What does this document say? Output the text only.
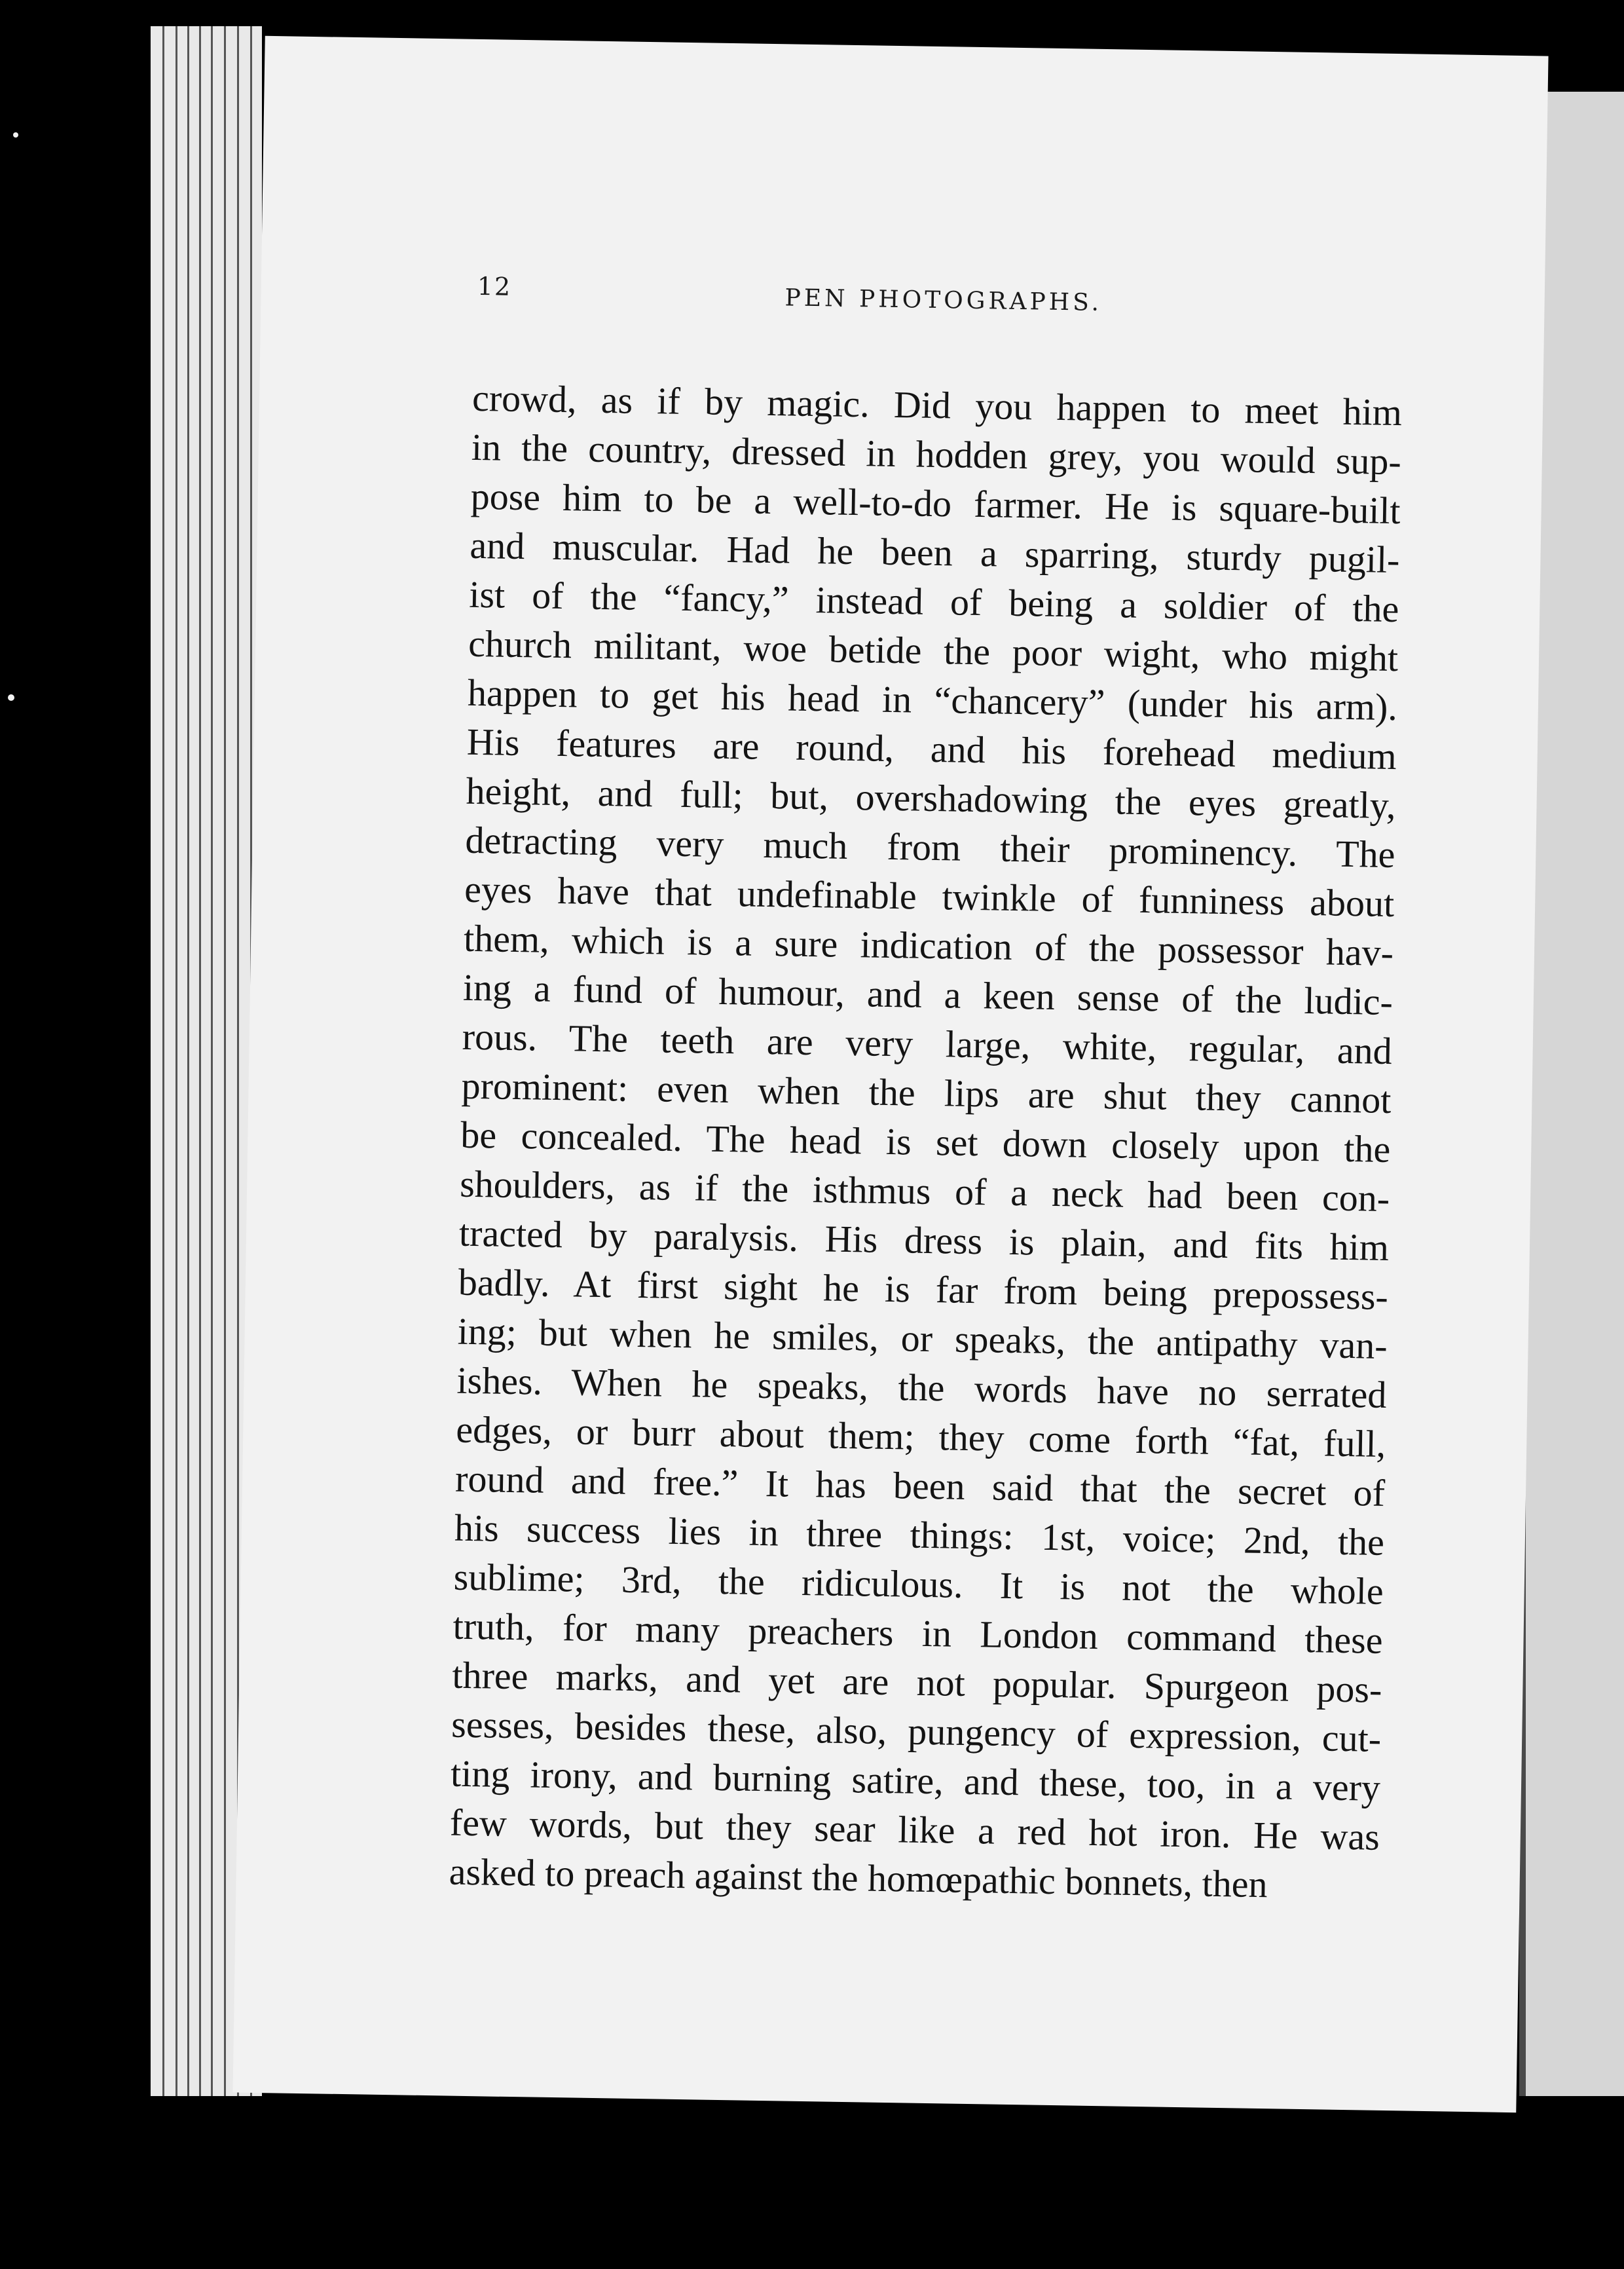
12	PEN PHOTOGRAPHS.
crowd, as if by magic. Did you happen to meet him
in the country, dressed in hodden grey, you would sup-
pose him to be a well-to-do farmer. He is square-built
and muscular. Had he been a sparring, sturdy pugil-
ist of the “fancy,” instead of being a soldier of the
church militant, woe betide the poor wight, who might
happen to get his head in “chancery” (under his arm).
His features are round, and his forehead medium
height, and full; but, overshadowing the eyes greatly,
detracting very much from their prominency. The
eyes have that undefinable twinkle of funniness about
them, which is a sure indication of the possessor hav-
ing a fund of humour, and a keen sense of the ludic-
rous. The teeth are very large, white, regular, and
prominent: even when the lips are shut they cannot
be concealed. The head is set down closely upon the
shoulders, as if the isthmus of a neck had been con-
tracted by paralysis. His dress is plain, and fits him
badly. At first sight he is far from being prepossess-
ing; but when he smiles, or speaks, the antipathy van-
ishes. When he speaks, the words have no serrated
edges, or burr about them; they come forth “fat, full,
round and free.” It has been said that the secret of
his success lies in three things: 1st, voice; 2nd, the
sublime; 3rd, the ridiculous. It is not the whole
truth, for many preachers in London command these
three marks, and yet are not popular. Spurgeon pos-
sesses, besides these, also, pungency of expression, cut-
ting irony, and burning satire, and these, too, in a very
few words, but they sear like a red hot iron. He was
asked to preach against the homœpathic bonnets, then
